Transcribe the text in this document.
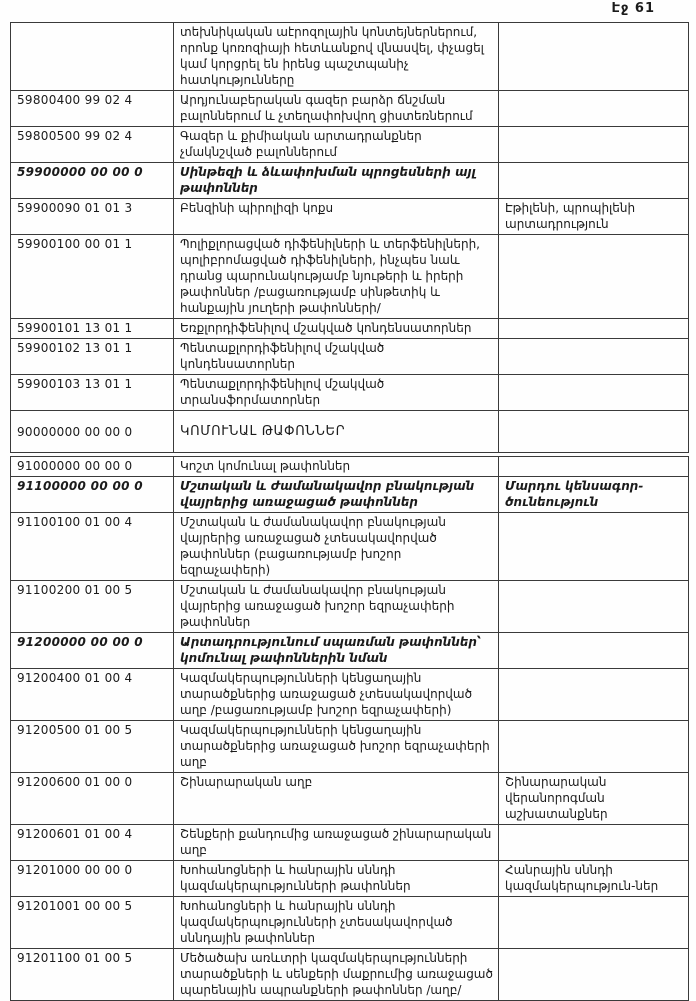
Էջ 61
	տեխնիկական աէրոզոլային կոնտեյներներում, որոնք կոռոզիայի հետևանքով վնասվել, փչացել կամ կորցրել են իրենց պաշտպանիչ հատկությունները	
59800400 99 02 4	Արդյունաբերական գազեր բարձր ճնշման բալոններում և չտեղափոխվող ցիստեռներում	
59800500 99 02 4	Գազեր և քիմիական արտադրանքներ չմակնշված բալոններում	
59900000 00 00 0	Սինթեզի և ձևափոխման պրոցեսների այլ թափոններ	
59900090 01 01 3	Բենզինի պիրոլիզի կոքս	Էթիլենի, պրոպիլենի արտադրություն
59900100 00 01 1	Պոլիքլորացված դիֆենիլների և տերֆենիլների, պոլիբրոմացված դիֆենիլների, ինչպես նաև դրանց պարունակությամբ նյութերի և իրերի թափոններ /բացառությամբ սինթետիկ և հանքային յուղերի թափոնների/	
59900101 13 01 1	Եռքլորդիֆենիլով մշակված կոնդենսատորներ	
59900102 13 01 1	Պենտաքլորդիֆենիլով մշակված կոնդենսատորներ	
59900103 13 01 1	Պենտաքլորդիֆենիլով մշակված տրանսֆորմատորներ	
90000000 00 00 0	ԿՈՄՈՒՆԱԼ ԹԱՓՈՆՆԵՐ	
91000000 00 00 0	Կոշտ կոմունալ թափոններ	
91100000 00 00 0	Մշտական և ժամանակավոր բնակության վայրերից առաջացած թափոններ	Մարդու կենսագոր-ծունեություն
91100100 01 00 4	Մշտական և ժամանակավոր բնակության վայրերից առաջացած չտեսակավորված թափոններ (բացառությամբ խոշոր եզրաչափերի)	
91100200 01 00 5	Մշտական և ժամանակավոր բնակության վայրերից առաջացած խոշոր եզրաչափերի թափոններ	
91200000 00 00 0	Արտադրությունում սպառման թափոններ՝ կոմունալ թափոններին նման	
91200400 01 00 4	Կազմակերպությունների կենցաղային տարածքներից առաջացած չտեսակավորված աղբ /բացառությամբ խոշոր եզրաչափերի)	
91200500 01 00 5	Կազմակերպությունների կենցաղային տարածքներից առաջացած խոշոր եզրաչափերի աղբ	
91200600 01 00 0	Շինարարական աղբ	Շինարարական վերանորոգման աշխատանքներ
91200601 01 00 4	Շենքերի քանդումից առաջացած շինարարական աղբ	
91201000 00 00 0	Խոհանոցների և հանրային սննդի կազմակերպությունների թափոններ	Հանրային սննդի կազմակերպություն-ներ
91201001 00 00 5	Խոհանոցների և հանրային սննդի կազմակերպությունների չտեսակավորված սննդային թափոններ	
91201100 01 00 5	Մեծածախ առևտրի կազմակերպությունների տարածքների և սենքերի մաքրումից առաջացած պարենային ապրանքների թափոններ /աղբ/	
